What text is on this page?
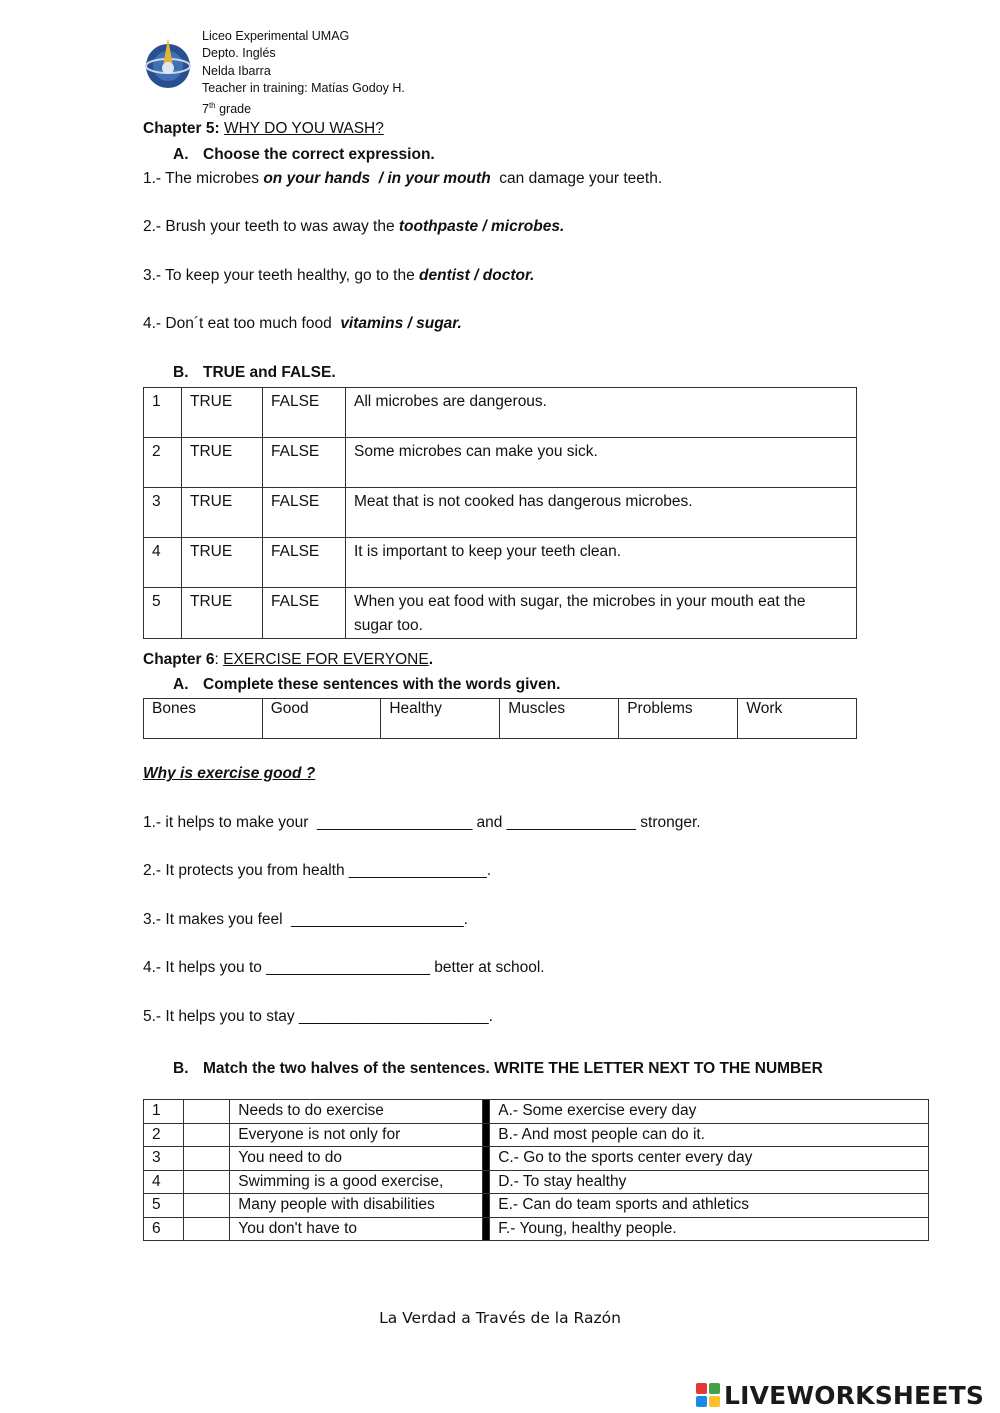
Liceo Experimental UMAG
Depto. Inglés
Nelda Ibarra
Teacher in training: Matías Godoy H.
7th grade
Chapter 5: WHY DO YOU WASH?
A. Choose the correct expression.
1.- The microbes on your hands  / in your mouth  can damage your teeth.
2.- Brush your teeth to was away the toothpaste / microbes.
3.- To keep your teeth healthy, go to the dentist / doctor.
4.- Don´t eat too much food  vitamins / sugar.
B. TRUE and FALSE.
1	TRUE	FALSE	All microbes are dangerous.
2	TRUE	FALSE	Some microbes can make you sick.
3	TRUE	FALSE	Meat that is not cooked has dangerous microbes.
4	TRUE	FALSE	It is important to keep your teeth clean.
5	TRUE	FALSE	When you eat food with sugar, the microbes in your mouth eat the sugar too.
Chapter 6: EXERCISE FOR EVERYONE.
A. Complete these sentences with the words given.
Bones	Good	Healthy	Muscles	Problems	Work
Why is exercise good ?
1.- it helps to make your  __________________ and _______________ stronger.
2.- It protects you from health ________________.
3.- It makes you feel  ____________________.
4.- It helps you to ___________________ better at school.
5.- It helps you to stay ______________________.
B. Match the two halves of the sentences. WRITE THE LETTER NEXT TO THE NUMBER
1		Needs to do exercise		A.- Some exercise every day
2		Everyone is not only for		B.- And most people can do it.
3		You need to do		C.- Go to the sports center every day
4		Swimming is a good exercise,		D.- To stay healthy
5		Many people with disabilities		E.- Can do team sports and athletics
6		You don't have to		F.- Young, healthy people.
La Verdad a Través de la Razón
LIVEWORKSHEETS
